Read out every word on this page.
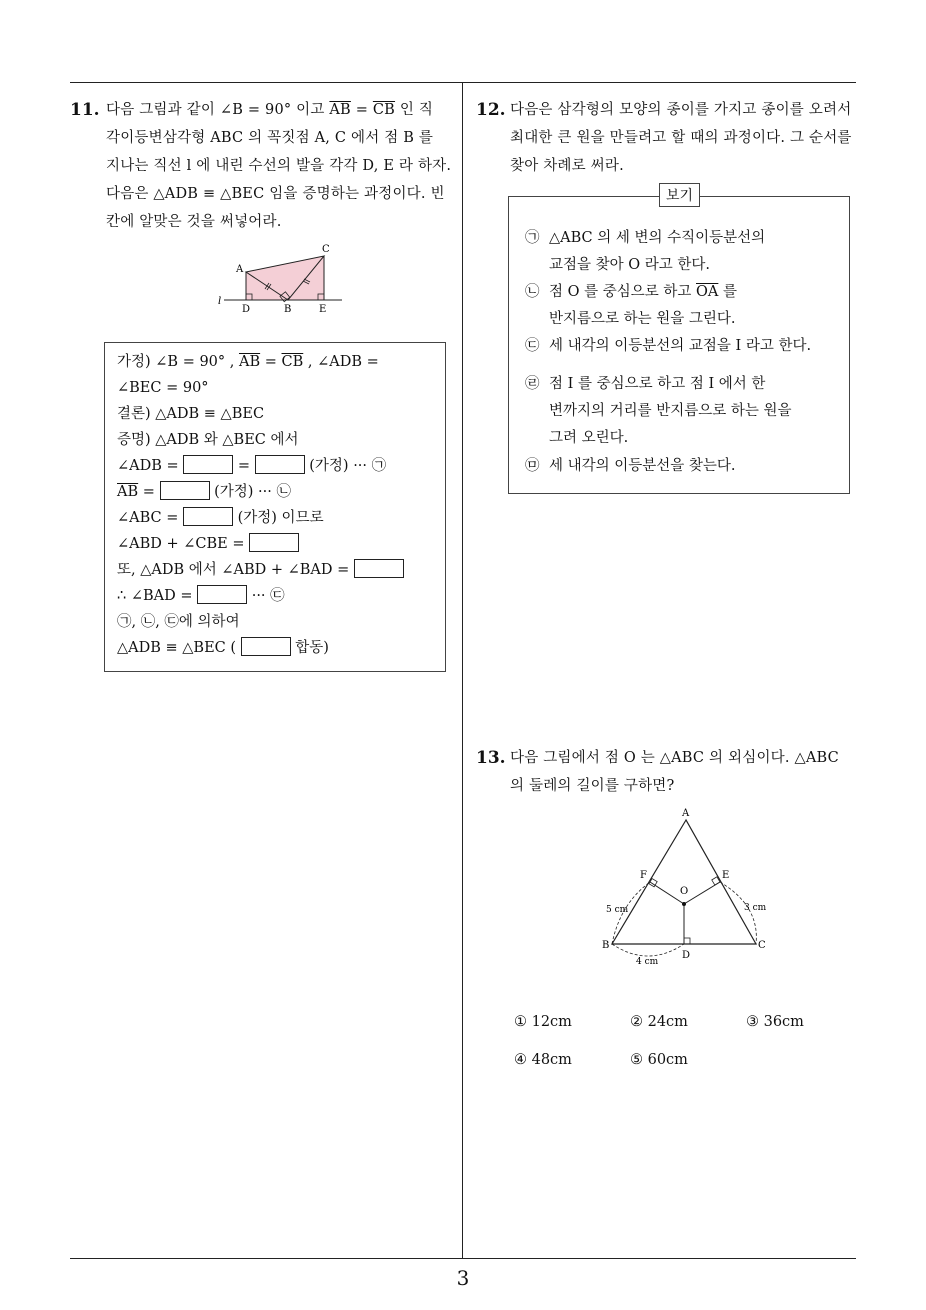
11. 다음 그림과 같이 ∠B = 90° 이고 $\overline{AB} = \overline{CB}$ 인 직
각이등변삼각형 ABC 의 꼭짓점 A, C 에서 점 B 를
지나는 직선 l 에 내린 수선의 발을 각각 D, E 라 하자.
다음은 △ADB ≡ △BEC 임을 증명하는 과정이다. 빈
칸에 알맞은 것을 써넣어라.
A
C
D	B	E
l
가정) ∠B = 90° , $\overline{AB} = \overline{CB}$ , ∠ADB =
∠BEC = 90°
결론) △ADB ≡ △BEC
증명) △ADB 와 △BEC 에서
∠ADB =	=	(가정) ··· ㉠
$\overline{AB}$ =	(가정) ··· ㉡
∠ABC =	(가정) 이므로
∠ABD + ∠CBE =
또, △ADB 에서 ∠ABD + ∠BAD =
∴ ∠BAD =	··· ㉢
㉠, ㉡, ㉢에 의하여
△ADB ≡ △BEC (	합동)
12. 다음은 삼각형의 모양의 종이를 가지고 종이를 오려서
최대한 큰 원을 만들려고 할 때의 과정이다. 그 순서를
찾아 차례로 써라.
보기
㉠ △ABC 의 세 변의 수직이등분선의
교점을 찾아 O 라고 한다.
㉡ 점 O 를 중심으로 하고 $\overline{OA}$ 를
반지름으로 하는 원을 그린다.
㉢ 세 내각의 이등분선의 교점을 I 라고 한다.
㉣ 점 I 를 중심으로 하고 점 I 에서 한
변까지의 거리를 반지름으로 하는 원을
그려 오린다.
㉤ 세 내각의 이등분선을 찾는다.
13. 다음 그림에서 점 O 는 △ABC 의 외심이다. △ABC
의 둘레의 길이를 구하면?
A
B	C
D
E
F
O
5 cm	3 cm
4 cm
① 12cm	② 24cm	③ 36cm
④ 48cm	⑤ 60cm
3
